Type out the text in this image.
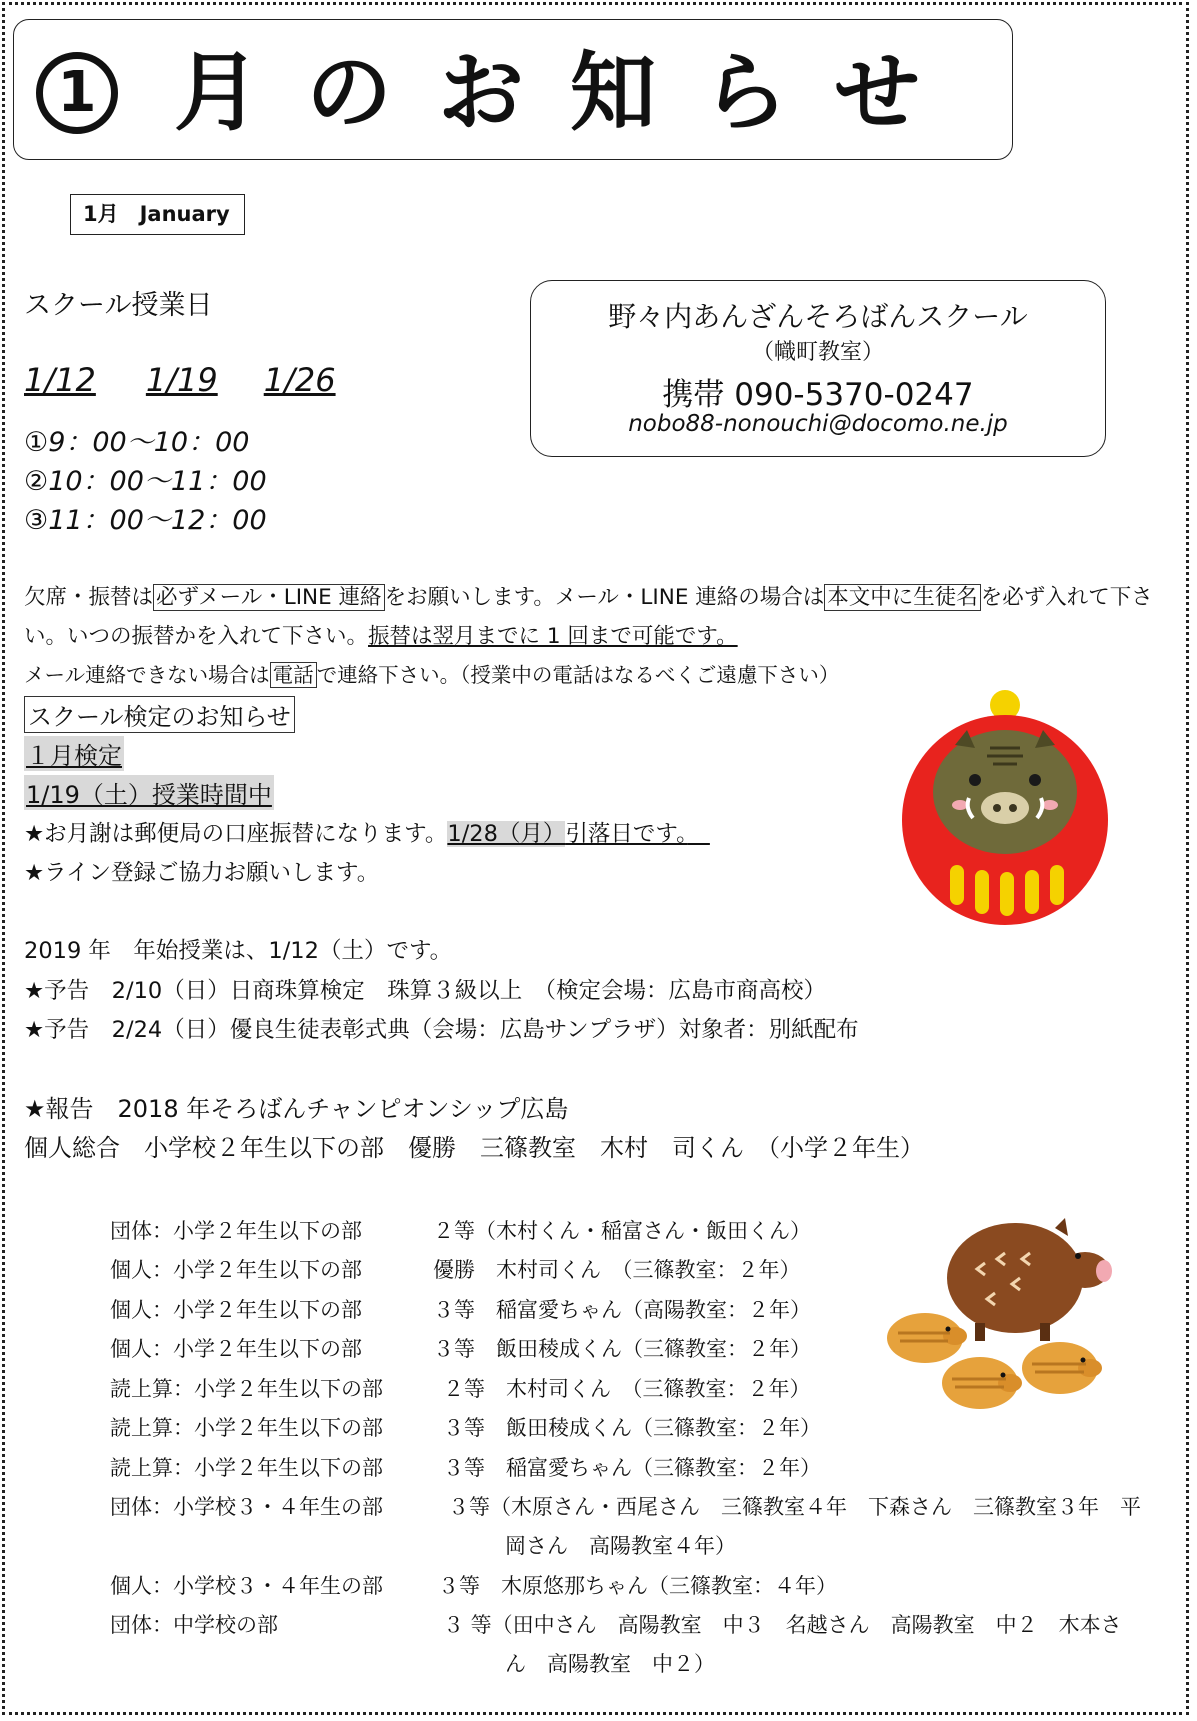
1 月 の お 知 ら せ
1月　January
スクール授業日
1/12 1/19 1/26
①9：00〜10：00
②10：00〜11：00
③11：00〜12：00
野々内あんざんそろばんスクール
（幟町教室）
携帯 090-5370-0247
nobo88-nonouchi@docomo.ne.jp
欠席・振替は 必ずメール・LINE 連絡 をお願いします。メール・LINE 連絡の場合は 本文中に生徒名 を必ず入れて下さ
い。いつの振替かを入れて下さい。振替は翌月までに 1 回まで可能です。
メール連絡できない場合は 電話 で連絡下さい。（授業中の電話はなるべくご遠慮下さい）
スクール検定のお知らせ
１月検定
1/19（土）授業時間中
★お月謝は郵便局の口座振替になります。1/28（月）引落日です。　
★ライン登録ご協力お願いします。
2019 年　年始授業は、1/12（土）です。
★予告　2/10（日）日商珠算検定　珠算３級以上　（検定会場：広島市商高校）
★予告　2/24（日）優良生徒表彰式典（会場：広島サンプラザ）対象者：別紙配布
★報告　2018 年そろばんチャンピオンシップ広島
個人総合　小学校２年生以下の部　優勝　三篠教室　木村　司くん　（小学２年生）
団体：小学２年生以下の部	２等（木村くん・稲富さん・飯田くん）
個人：小学２年生以下の部	優勝　木村司くん　（三篠教室：２年）
個人：小学２年生以下の部	３等　稲富愛ちゃん（高陽教室：２年）
個人：小学２年生以下の部	３等　飯田稜成くん（三篠教室：２年）
読上算：小学２年生以下の部	２等　木村司くん　（三篠教室：２年）
読上算：小学２年生以下の部	３等　飯田稜成くん（三篠教室：２年）
読上算：小学２年生以下の部	３等　稲富愛ちゃん（三篠教室：２年）
団体：小学校３・４年生の部	３等（木原さん・西尾さん　三篠教室４年　下森さん　三篠教室３年　平
岡さん　高陽教室４年）
個人：小学校３・４年生の部	３等　木原悠那ちゃん（三篠教室：４年）
団体：中学校の部	３ 等（田中さん　高陽教室　中３　名越さん　高陽教室　中２　木本さ
ん　高陽教室　中２）
